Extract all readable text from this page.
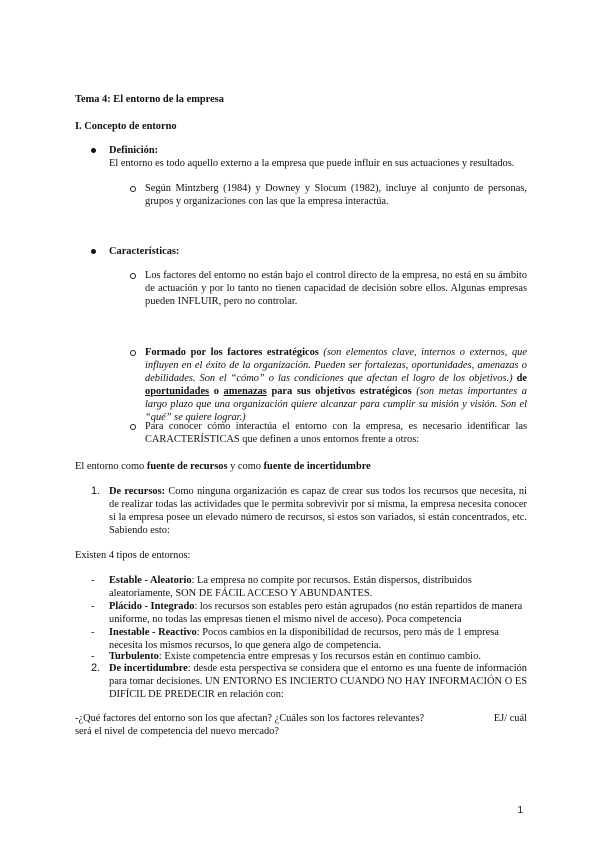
Tema 4: El entorno de la empresa
I. Concepto de entorno
Definición:
El entorno es todo aquello externo a la empresa que puede influir en sus actuaciones y resultados.
Según Mintzberg (1984) y Downey y Slocum (1982), incluye al conjunto de personas, grupos y organizaciones con las que la empresa interactúa.
Características:
Los factores del entorno no están bajo el control directo de la empresa, no está en su ámbito de actuación y por lo tanto no tienen capacidad de decisión sobre ellos. Algunas empresas pueden INFLUIR, pero no controlar.
Formado por los factores estratégicos (son elementos clave, internos o externos, que influyen en el éxito de la organización. Pueden ser fortalezas, oportunidades, amenazas o debilidades. Son el “cómo” o las condiciones que afectan el logro de los objetivos.) de oportunidades o amenazas para sus objetivos estratégicos (son metas importantes a largo plazo que una organización quiere alcanzar para cumplir su misión y visión. Son el “qué” se quiere lograr.)
Para conocer cómo interactúa el entorno con la empresa, es necesario identificar las CARACTERÍSTICAS que definen a unos entornos frente a otros:
El entorno como fuente de recursos y como fuente de incertidumbre
1. De recursos: Como ninguna organización es capaz de crear sus todos los recursos que necesita, ni de realizar todas las actividades que le permita sobrevivir por si misma, la empresa necesita conocer si la empresa posee un elevado número de recursos, si estos son variados, si están concentrados, etc. Sabiendo esto:
Existen 4 tipos de entornos:
- Estable - Aleatorio: La empresa no compite por recursos. Están dispersos, distribuidos aleatoriamente, SON DE FÁCIL ACCESO Y ABUNDANTES.
- Plácido - Integrado: los recursos son estables pero están agrupados (no están repartidos de manera uniforme, no todas las empresas tienen el mismo nivel de acceso). Poca competencia
- Inestable - Reactivo: Pocos cambios en la disponibilidad de recursos, pero más de 1 empresa necesita los mismos recursos, lo que genera algo de competencia.
- Turbulento: Existe competencia entre empresas y los recursos están en continuo cambio.
2. De incertidumbre: desde esta perspectiva se considera que el entorno es una fuente de información para tomar decisiones. UN ENTORNO ES INCIERTO CUANDO NO HAY INFORMACIÓN O ES DIFÍCIL DE PREDECIR en relación con:
-¿Qué factores del entorno son los que afectan? ¿Cuáles son los factores relevantes?	EJ/ cuál
será el nivel de competencia del nuevo mercado?
1
